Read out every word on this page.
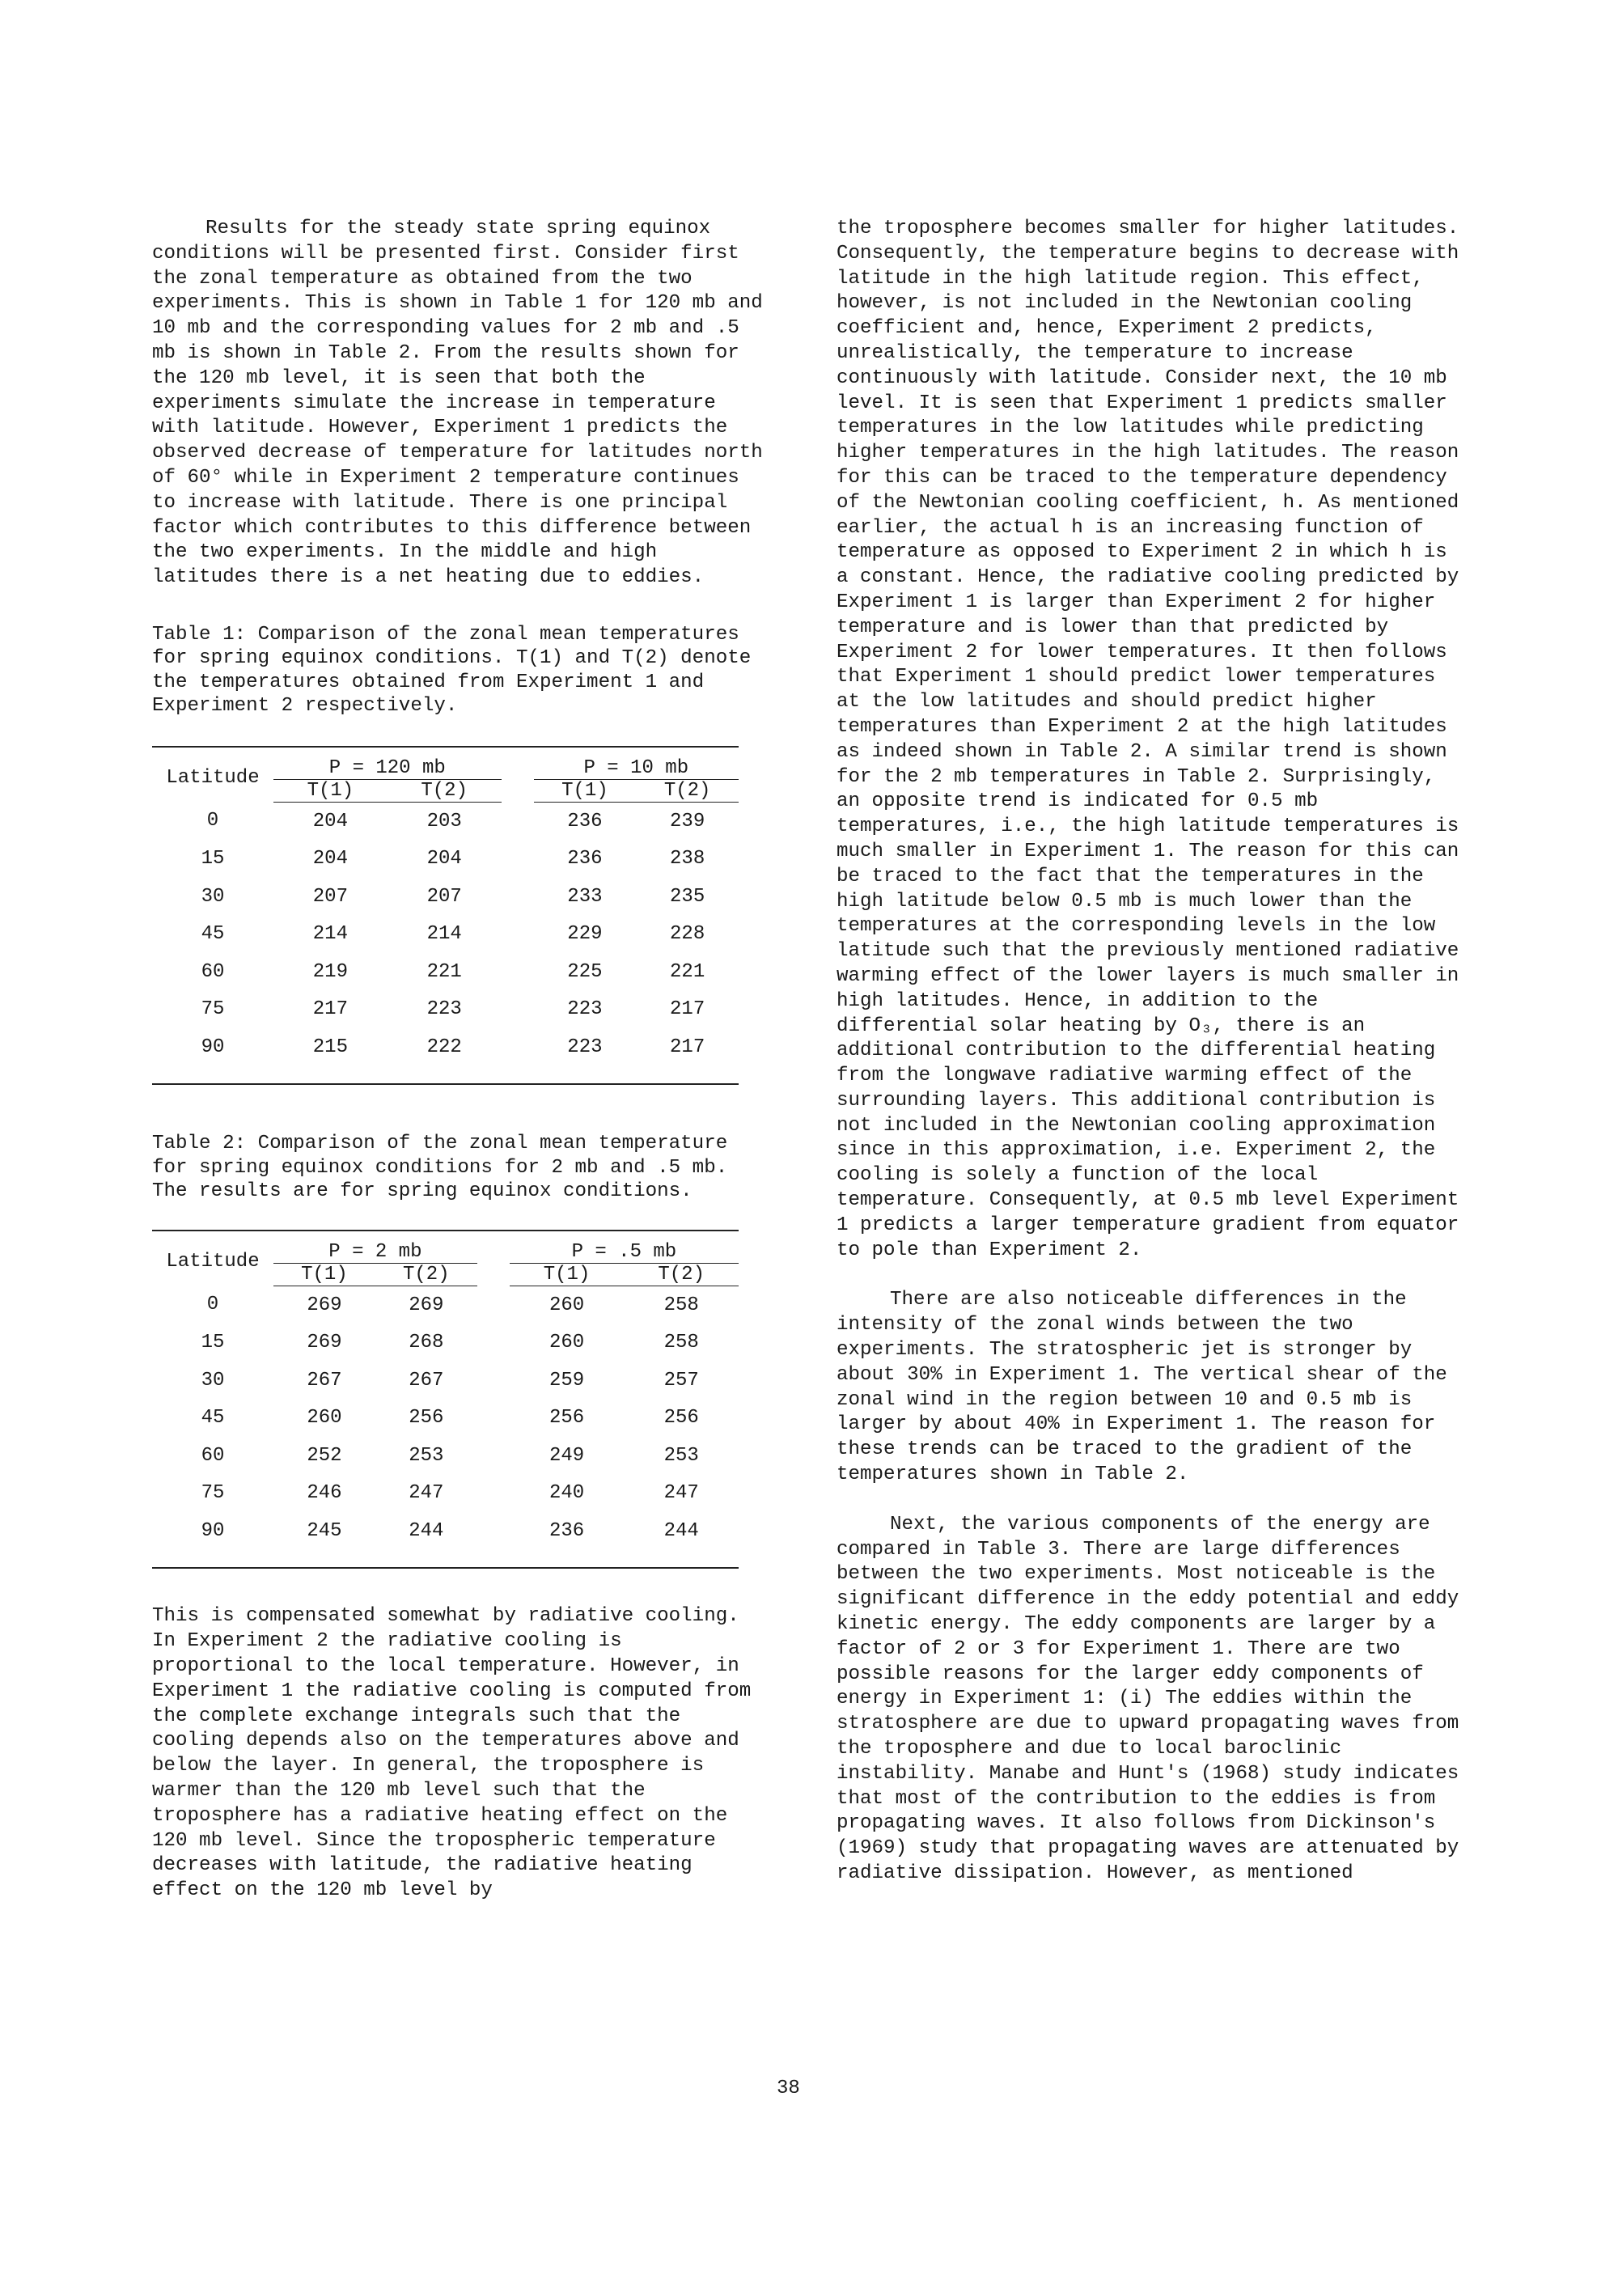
Results for the steady state spring equinox conditions will be presented first. Consider first the zonal temperature as obtained from the two experiments. This is shown in Table 1 for 120 mb and 10 mb and the corresponding values for 2 mb and .5 mb is shown in Table 2. From the results shown for the 120 mb level, it is seen that both the experiments simulate the increase in temperature with latitude. However, Experiment 1 predicts the observed decrease of temperature for latitudes north of 60° while in Experiment 2 temperature continues to increase with latitude. There is one principal factor which contributes to this difference between the two experiments. In the middle and high latitudes there is a net heating due to eddies.

Table 1: Comparison of the zonal mean temperatures for spring equinox conditions. T(1) and T(2) denote the temperatures obtained from Experiment 1 and Experiment 2 respectively.

Latitude	P = 120 mb			P = 10 mb	
	T(1)	T(2)		T(1)	T(2)
0	204	203		236	239
15	204	204		236	238
30	207	207		233	235
45	214	214		229	228
60	219	221		225	221
75	217	223		223	217
90	215	222		223	217

Table 2: Comparison of the zonal mean temperature for spring equinox conditions for 2 mb and .5 mb. The results are for spring equinox conditions.

Latitude	P = 2 mb			P = .5 mb	
	T(1)	T(2)		T(1)	T(2)
0	269	269		260	258
15	269	268		260	258
30	267	267		259	257
45	260	256		256	256
60	252	253		249	253
75	246	247		240	247
90	245	244		236	244

This is compensated somewhat by radiative cooling. In Experiment 2 the radiative cooling is proportional to the local temperature. However, in Experiment 1 the radiative cooling is computed from the complete exchange integrals such that the cooling depends also on the temperatures above and below the layer. In general, the troposphere is warmer than the 120 mb level such that the troposphere has a radiative heating effect on the 120 mb level. Since the tropospheric temperature decreases with latitude, the radiative heating effect on the 120 mb level by

the troposphere becomes smaller for higher latitudes. Consequently, the temperature begins to decrease with latitude in the high latitude region. This effect, however, is not included in the Newtonian cooling coefficient and, hence, Experiment 2 predicts, unrealistically, the temperature to increase continuously with latitude. Consider next, the 10 mb level. It is seen that Experiment 1 predicts smaller temperatures in the low latitudes while predicting higher temperatures in the high latitudes. The reason for this can be traced to the temperature dependency of the Newtonian cooling coefficient, h. As mentioned earlier, the actual h is an increasing function of temperature as opposed to Experiment 2 in which h is a constant. Hence, the radiative cooling predicted by Experiment 1 is larger than Experiment 2 for higher temperature and is lower than that predicted by Experiment 2 for lower temperatures. It then follows that Experiment 1 should predict lower temperatures at the low latitudes and should predict higher temperatures than Experiment 2 at the high latitudes as indeed shown in Table 2. A similar trend is shown for the 2 mb temperatures in Table 2. Surprisingly, an opposite trend is indicated for 0.5 mb temperatures, i.e., the high latitude temperatures is much smaller in Experiment 1. The reason for this can be traced to the fact that the temperatures in the high latitude below 0.5 mb is much lower than the temperatures at the corresponding levels in the low latitude such that the previously mentioned radiative warming effect of the lower layers is much smaller in high latitudes. Hence, in addition to the differential solar heating by O₃, there is an additional contribution to the differential heating from the longwave radiative warming effect of the surrounding layers. This additional contribution is not included in the Newtonian cooling approximation since in this approximation, i.e. Experiment 2, the cooling is solely a function of the local temperature. Consequently, at 0.5 mb level Experiment 1 predicts a larger temperature gradient from equator to pole than Experiment 2.

There are also noticeable differences in the intensity of the zonal winds between the two experiments. The stratospheric jet is stronger by about 30% in Experiment 1. The vertical shear of the zonal wind in the region between 10 and 0.5 mb is larger by about 40% in Experiment 1. The reason for these trends can be traced to the gradient of the temperatures shown in Table 2.

Next, the various components of the energy are compared in Table 3. There are large differences between the two experiments. Most noticeable is the significant difference in the eddy potential and eddy kinetic energy. The eddy components are larger by a factor of 2 or 3 for Experiment 1. There are two possible reasons for the larger eddy components of energy in Experiment 1: (i) The eddies within the stratosphere are due to upward propagating waves from the troposphere and due to local baroclinic instability. Manabe and Hunt's (1968) study indicates that most of the contribution to the eddies is from propagating waves. It also follows from Dickinson's (1969) study that propagating waves are attenuated by radiative dissipation. However, as mentioned

38
